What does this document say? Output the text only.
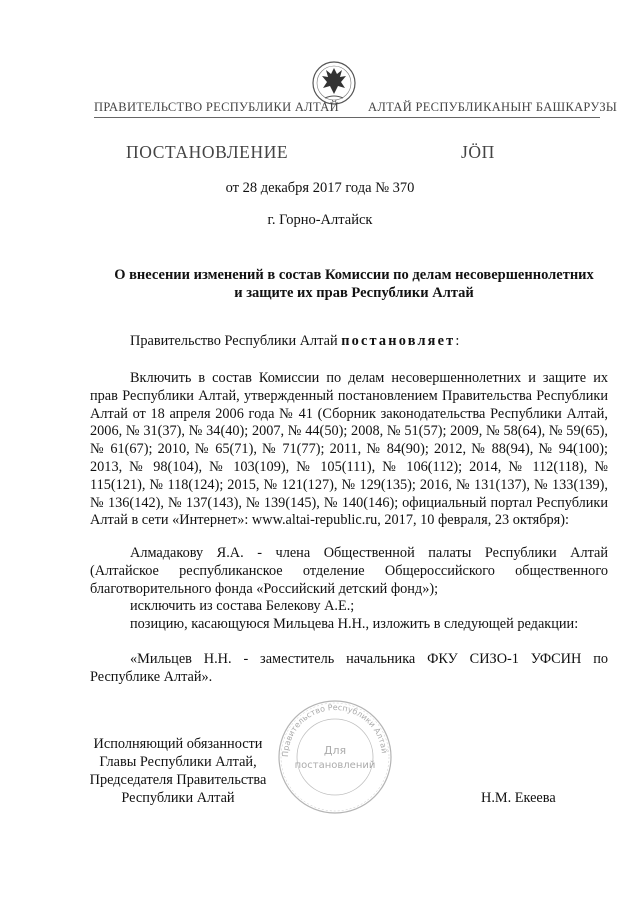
ПРАВИТЕЛЬСТВО РЕСПУБЛИКИ АЛТАЙ АЛТАЙ РЕСПУБЛИКАНЫҤ БАШКАРУЗЫ
ПОСТАНОВЛЕНИЕ	ЈӦП
от 28 декабря 2017 года № 370
г. Горно-Алтайск
О внесении изменений в состав Комиссии по делам несовершеннолетних
и защите их прав Республики Алтай
Правительство Республики Алтай постановляет:
Включить в состав Комиссии по делам несовершеннолетних и защите их прав Республики Алтай, утвержденный постановлением Правительства Республики Алтай от 18 апреля 2006 года № 41 (Сборник законодательства Республики Алтай, 2006, № 31(37), № 34(40); 2007, № 44(50); 2008, № 51(57); 2009, № 58(64), № 59(65), № 61(67); 2010, № 65(71), № 71(77); 2011, № 84(90); 2012, № 88(94), № 94(100); 2013, № 98(104), № 103(109), № 105(111), № 106(112); 2014, № 112(118), № 115(121), № 118(124); 2015, № 121(127), № 129(135); 2016, № 131(137), № 133(139), № 136(142), № 137(143), № 139(145), № 140(146); официальный портал Республики Алтай в сети «Интернет»: www.altai-republic.ru, 2017, 10 февраля, 23 октября):
Алмадакову Я.А. - члена Общественной палаты Республики Алтай (Алтайское республиканское отделение Общероссийского общественного благотворительного фонда «Российский детский фонд»);
исключить из состава Белекову А.Е.;
позицию, касающуюся Мильцева Н.Н., изложить в следующей редакции:
«Мильцев Н.Н. - заместитель начальника ФКУ СИЗО-1 УФСИН по Республике Алтай».
Правительство Республики Алтай
Для
постановлений
Исполняющий обязанности
Главы Республики Алтай,
Председателя Правительства
Республики Алтай	Н.М. Екеева
